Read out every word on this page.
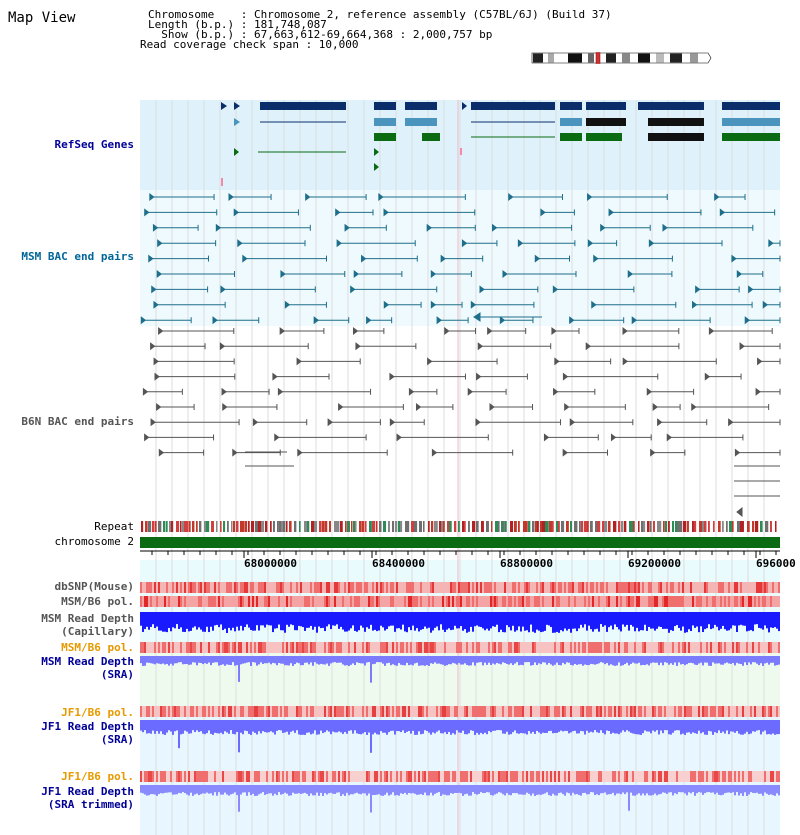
Map View	Chromosome    : Chromosome 2, reference assembly (C57BL/6J) (Build 37)
Length (b.p.) : 181,748,087
Show (b.p.) : 67,663,612-69,664,368 : 2,000,757 bp
Read coverage check span : 10,000
RefSeq Genes
MSM BAC end pairs
B6N BAC end pairs
Repeat
chromosome 2
dbSNP(Mouse)
MSM/B6 pol.
MSM Read Depth
(Capillary)
MSM/B6 pol.
MSM Read Depth
(SRA)
JF1/B6 pol.
JF1 Read Depth
(SRA)
JF1/B6 pol.
JF1 Read Depth
(SRA trimmed)
68000000	68400000	68800000	69200000	696000
